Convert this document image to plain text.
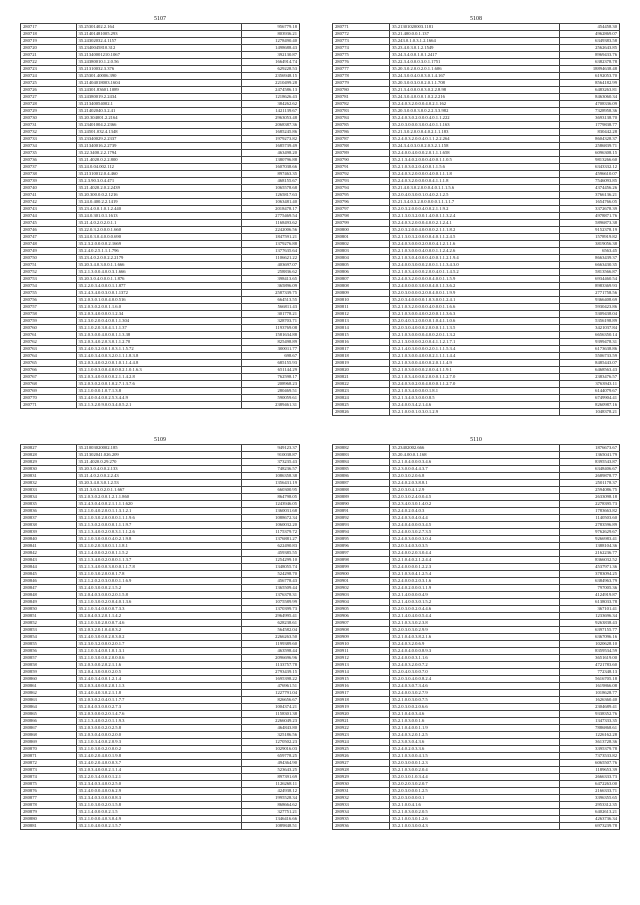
5107
280717	35.25301402.2.164	956779.18
280718	35.21401481005.293	803936.21
280719	35.24302032.4.1157	1278490.40
280720	35.2340045810.312	1498688.43
280721	35.21340001210.1067	392130.87
280722	35.24380010.1.2.0.56	1664914.74
280723	35.21310032.3.376	629228.53
280724	35.25301.40006.390	2356948.15
280725	35.21404018003.1604	2210499.28
280726	35.24301.83601.1089	2474586.13
280727	35.24380019.2.2434	1218626.43
280728	35.21340054002.1	384262.62
280729	35.21402040.3.2.41	1421139.67
280730	35.20.304001.2.2164	2963053.48
280731	35.23401004.2.2366	2068387.36
280732	35.24501.032.4.1348	1685245.86
280733	35.23340029.2.2337	1979273.82
280734	35.21340016.2.2739	1685739.49
280735	35.22.3400.2.2.1794	463498.20
280736	35.21.4020.0.2.2.800	1380796.88
280737	35.24.0.04.002.112	1607038.66
280738	35.21310012.0.4.460	897463.35
280739	35.2.3.90.3.0.4.471	468155.67
280740	35.21.4020.2.0.2.2439	1065578.68
280741	35.20.300.0.0.2.1216	1265817.63
280742	35.24.0.400.2.2.1419	1063481.40
280743	35.23.4.0.0.1.0.1.2.440	2018478.17
280744	35.24.0.301.0.1.1613	2775469.54
280745	35.21.4.0.2.0.2.0.1.1	1168493.62
280746	35.22.0.3.2.0.0.0.1.660	2242006.56
280747	35.24.0.3.0.4.0.0.0.690	1847591.21
280748	35.2.3.2.0.0.0.0.2.1669	1379276.88
280749	35.2.4.0.2.5.1.1.1.796	1377635.64
280750	35.23.4.0.2.0.0.2.2.2179	1106621.22
280751	35.20.3.4.0.3.0.0.1.1.666	403697.07
280752	35.2.1.3.0.0.4.0.0.3.1.666	258836.62
280753	35.20.3.0.4.0.0.0.1.1.876	398413.65
280754	35.2.2.0.3.4.0.0.0.1.1.877	365896.09
280755	35.2.4.3.4.0.0.3.0.0.1.1372	2587339.75
280756	35.2.0.3.0.1.0.0.4.0.0.516	664513.55
280757	35.2.0.3.0.2.0.0.1.1.6.0	566811.43
280758	35.2.0.3.4.0.0.0.0.1.2.34	301778.21
280759	35.2.3.0.2.0.0.4.0.0.1.1.304	328703.71
280760	35.2.1.0.2.0.3.0.4.1.1.1.37	1193769.08
280761	35.2.0.3.0.0.4.0.0.0.1.1.3.38	1581634.88
280762	35.2.0.3.4.0.2.0.3.0.1.1.2.70	825498.89
280763	35.2.4.0.3.2.0.0.1.0.3.1.1.5.72	300011.77
280764	35.2.4.0.3.4.0.0.3.2.0.1.1.1.8.3.8	698.67
280765	35.2.0.3.4.0.0.2.0.0.1.0.1.1.4.4.8	685155.93
280766	35.2.1.0.0.3.0.0.4.0.0.0.2.1.0.1.6.3	651144.29
280767	35.2.0.3.4.0.0.0.0.0.2.1.1.4.2.8	762598.17
280768	35.2.0.3.0.2.0.0.1.0.2.7.1.3.7.6	208968.23
280769	35.2.1.0.0.0.1.0.7.1.3.8	280469.51
280770	35.2.4.0.0.4.0.0.2.5.3.4.4.9	590059.61
280771	35.2.1.3.2.0.9.0.0.3.4.0.5.2.1	2389461.31
5108
280771	35.21301020003.1181	454458.30
280772	35.21.400.0.0.1.137	4962869.07
280773	35.243.0.1.0.3.1.2.1664	6349383.58
280774	35.23.4.0.3.0.1.2.1549	2562643.85
280775	35.24.3.4.0.0.1.0.1.2417	8969433.76
280776	35.22.3.4.0.0.0.3.0.1.1751	6382378.78
280777	35.20.3.0.2.0.0.2.0.1.1.606	18894638.48
280778	35.24.3.0.0.4.0.0.3.0.1.4.167	6192053.70
280779	35.20.3.0.0.3.0.0.2.0.1.1.708	8564182.99
280780	35.21.3.4.0.0.0.0.3.0.2.2.8.98	6483263.81
280781	35.24.3.0.4.0.0.0.1.0.2.2.216	8463060.34
280782	35.2.4.0.3.2.0.0.0.4.0.2.1.162	4708336.09
280783	35.20.3.0.0.0.3.0.0.2.2.3.3.982	7328958.36
280784	35.2.4.0.3.0.2.0.0.0.4.0.1.1.222	3693138.70
280785	35.2.0.3.0.0.0.3.0.0.4.0.1.1.163	1779838.77
280786	35.21.3.0.2.0.0.0.4.0.2.1.1.183	830442.28
280787	35.2.4.0.3.2.0.0.4.0.1.1.2.2.264	8604328.37
280788	35.24.3.4.0.3.0.0.2.0.3.2.1.158	2586839.71
280789	35.2.4.0.0.4.0.0.0.2.0.1.1.1.658	6096308.15
280790	35.2.1.3.4.0.2.0.0.0.4.0.0.1.1.0.5	9813266.60
280791	35.2.1.0.3.0.2.0.4.0.0.1.1.5.6	6343332.12
280792	35.2.4.0.3.2.0.0.0.0.4.0.0.1.1.1.8	4596610.07
280793	35.2.4.0.3.2.0.0.0.0.0.4.1.1.1.8	7546093.85
280794	35.21.4.0.3.0.2.0.0.0.4.0.1.1.1.5.6	4374456.26
280795	35.2.0.4.0.3.0.0.1.0.4.0.2.1.2.5	3766136.21
280796	35.21.3.4.0.3.2.0.0.0.0.0.1.1.1.1.7	1654766.05
280797	35.2.0.3.2.0.0.0.4.0.0.2.1.1.9.2	3372678.39
280798	35.2.1.3.0.3.2.0.0.1.4.0.0.1.1.3.2.4	4978871.76
280799	35.2.4.0.3.2.0.0.0.4.0.0.2.1.2.4.1	5896873.38
280800	35.2.0.3.2.0.0.4.0.0.0.0.2.1.1.1.8.2	9152378.19
280801	35.2.1.3.0.3.2.0.0.0.0.4.0.1.1.2.4.5	1578919.82
280802	35.2.4.0.3.0.0.0.2.0.0.0.4.1.2.1.1.6	3819056.38
280803	35.2.1.0.3.0.0.0.4.0.0.0.1.1.2.4.2.6	6563.45
280804	35.2.1.0.3.0.4.0.0.0.4.0.0.1.1.2.1.9.4	8663439.37
280805	35.2.4.0.0.3.0.0.0.2.0.0.1.1.1.3.4.3.0	6663430.35
280806	35.2.1.0.3.4.0.0.0.2.0.0.4.0.1.1.4.5.2	5813566.87
280807	35.2.4.0.3.2.0.0.0.0.0.4.0.0.1.1.5.9	6934460.54
280808	35.2.4.0.0.0.0.3.0.0.0.4.0.1.1.3.6.2	8983369.93
280809	35.2.0.3.0.0.0.0.2.0.0.4.0.0.1.1.9.9	2771758.56
280810	35.2.0.3.4.0.0.0.0.1.0.3.0.0.1.2.4.1	9366408.69
280811	35.2.1.0.3.2.0.0.0.0.4.0.0.0.1.1.6.6	5930423.86
280812	35.2.1.0.3.0.0.4.0.0.2.0.0.1.1.3.6.3	5309438.04
280813	35.2.0.4.0.3.2.0.0.0.0.1.0.4.1.1.0.6	5356198.89
280814	35.2.0.3.0.4.0.0.0.2.0.0.0.1.1.1.3.5	3421037.84
280815	35.2.1.0.3.0.0.0.0.4.0.0.2.0.1.1.3.2	6656350.14
280816	35.2.1.3.0.0.0.0.2.0.0.4.1.1.2.1.7.1	9399478.31
280817	35.2.1.4.0.3.0.0.0.0.2.0.1.1.1.5.3.4	6173638.86
280818	35.2.1.0.3.0.0.4.0.0.0.2.1.1.1.1.4.4	5506733.59
280819	35.2.1.0.3.0.0.4.0.0.0.2.0.1.1.4.9	8485443.07
280820	35.2.1.0.3.0.0.0.0.2.0.0.4.1.1.9.1	6468563.43
280821	35.2.1.0.3.4.0.0.0.2.0.0.0.1.1.2.7.0	2383476.57
280822	35.2.4.0.3.0.2.0.0.4.0.0.0.1.1.2.7.0	3763943.11
280823	35.2.1.0.3.4.0.0.0.0.1.8.1	6144079.67
280824	35.2.1.3.4.0.3.0.0.0.8.5	6749904.41
280825	35.2.4.0.0.3.4.2.1.4.6	8260987.16
280826	35.2.1.0.0.0.1.0.3.0.1.2.9	1048378.21
5109
280827	35.21003020002.185	949123.37
280828	35.21302041.026.209	910038.87
280829	35.21.4020.0.29.270	373235.43
280830	35.20.3.0.4.0.0.2.133	748236.57
280831	35.21.4.0.2.0.0.2.2.43	1086358.38
280832	35.20.3.4.0.3.0.1.2.53	1356431.19
280833	35.21.3.0.3.0.2.0.1.1.667	660300.95
280834	35.2.0.3.0.2.0.0.1.2.1.1.860	864798.05
280835	35.2.4.3.0.4.0.0.2.1.1.1.1.620	1243946.05
280836	35.2.1.0.4.0.2.0.0.1.1.3.1.2.1	1360031.68
280837	35.2.1.0.3.0.2.0.0.0.0.1.1.1.9.6	1088672.34
280838	35.2.1.3.0.2.0.0.0.0.1.1.1.9.7	1060032.20
280839	35.2.1.3.4.0.0.2.0.0.3.1.1.1.2.6	1175379.72
280840	35.2.1.0.3.0.0.0.0.4.0.2.1.9.8	1376881.27
280841	35.2.1.0.2.0.3.0.0.1.1.1.8.1	622490.83
280842	35.2.1.4.0.0.0.2.0.0.1.1.5.2	459385.55
280843	35.2.1.3.4.0.0.2.0.0.0.1.1.3.7	1254299.10
280844	35.2.1.3.4.0.0.0.3.0.0.0.1.1.7.8	1348055.74
280845	35.2.1.0.3.0.2.0.0.0.1.7.8	524298.70
280846	35.2.1.2.0.2.0.3.0.0.0.1.1.6.9	456778.43
280847	35.2.4.0.3.0.0.0.2.1.5.2	1365509.44
280848	35.2.0.4.0.3.0.0.0.2.0.1.5.8	1376378.31
280849	35.2.1.0.3.0.0.2.0.0.4.0.1.3.6	1075589.99
280850	35.2.1.0.3.4.0.0.0.0.7.3.3	1370399.73
280851	35.2.0.4.0.3.2.0.1.1.4.2	2964995.41
280852	35.2.1.0.3.0.2.0.0.0.7.4.6	628238.61
280853	35.2.0.3.2.0.1.0.4.0.3.2	564582.04
280854	35.2.4.0.3.0.0.0.2.0.3.0.2	2266263.50
280855	35.2.3.0.3.2.0.0.0.2.0.1.7	1199389.60
280856	35.2.1.0.3.4.0.0.1.0.1.3.1	463598.44
280857	35.2.1.0.3.0.0.0.2.0.0.0.6	2096696.96
280858	35.2.0.3.0.0.2.0.2.1.1.6	1133757.78
280859	35.2.0.4.3.0.0.0.0.2.0.5	2793439.15
280860	35.2.4.0.3.4.0.0.1.2.1.4	1695398.22
280861	35.2.0.3.4.0.0.0.2.0.1.1.3	476961.51
280862	35.2.4.0.4.0.3.0.2.1.1.8	1227791.04
280863	35.2.0.3.0.2.0.4.0.1.1.7.7	826656.67
280864	35.2.0.4.0.3.0.0.0.2.7.3	1004374.21
280865	35.2.0.3.0.0.0.2.0.1.4.7.6	1158301.38
280866	35.2.1.3.4.0.0.2.0.1.1.9.3	2266049.23
280867	35.2.0.3.0.0.0.2.0.2.5.8	464843.80
280868	35.2.0.3.0.4.0.0.0.2.0.0	325186.56
280869	35.2.1.0.3.4.0.0.2.0.9.3	1270502.23
280870	35.2.1.0.3.0.0.2.0.0.0.2	1029016.03
280871	35.2.4.0.2.0.4.0.0.1.9.8	659778.25
280872	35.2.4.0.2.0.4.0.0.0.3.7	494364.90
280873	35.2.0.3.4.0.0.0.2.1.1.4	523643.25
280874	35.2.2.0.3.4.0.0.0.1.2.1	897391.69
280875	35.2.3.4.0.3.4.0.0.2.5.0	1126268.11
280876	35.2.4.0.0.0.4.0.0.6.2.9	424938.12
280877	35.2.3.4.0.3.0.0.0.0.8.3	1995528.34
280878	35.2.1.0.3.0.0.2.0.1.5.8	868664.62
280879	35.2.1.4.0.0.0.0.2.1.5	327751.21
280880	35.2.1.0.0.0.4.0.3.0.4.9	1346416.66
280881	35.2.1.0.4.0.0.0.2.1.5.7	1089848.51
5110
280882	35.23402002.666	1876673.67
280883	35.20.4.00.0.1.168	1365041.79
280884	35.2.1.0.4.0.0.0.3.4.6	8395543.87
280885	35.2.3.0.0.0.4.4.3.7	6348406.67
280886	35.2.0.3.0.2.0.6.8	2689878.77
280887	35.2.4.0.2.0.3.8.8.1	2501178.37
280888	35.2.0.3.0.4.1.2.9	2594086.75
280889	35.2.0.3.0.2.4.0.0.4.5	2633098.18
280890	35.2.3.4.0.3.0.1.4.0.2	2278395.73
280891	35.2.4.0.2.0.4.0.3	1783663.82
280892	35.2.4.0.3.0.4.0.4.4	1140503.60
280893	35.2.4.0.4.0.0.0.3.4.5	2783596.89
280894	35.2.4.0.0.3.0.2.7.3.5	9762629.67
280895	35.2.4.0.3.0.0.0.3.0.4	9266983.41
280896	35.2.0.3.4.0.3.0.3.5	1388104.36
280897	35.2.4.0.0.2.0.3.0.4.4	2162236.77
280898	35.2.1.0.4.0.2.1.2.4.4	8366032.52
280899	35.2.4.0.0.0.0.1.2.2.3	4537971.36
280900	35.2.1.0.3.0.4.1.2.5.4	3783094.25
280901	35.2.4.0.0.0.2.0.3.1.6	6384963.79
280902	35.2.4.0.2.0.0.0.1.1.9	797005.36
280903	35.2.1.4.0.0.0.0.4.9	4124919.87
280904	35.2.1.4.0.0.3.0.1.5.2	6138033.78
280905	35.2.0.3.0.0.2.0.4.4.6	367101.41
280906	35.2.1.4.0.4.0.0.5.4.4	1233696.34
280907	35.2.1.0.3.3.0.2.3.8	9263838.43
280908	35.2.0.3.0.3.0.2.9.9	6397155.77
280909	35.2.1.0.4.0.3.8.2.1.6	6367096.16
280910	35.2.4.0.3.2.0.6.9	1020628.10
280911	35.2.4.0.4.0.0.0.8.9.3	8359534.59
280912	35.2.4.0.0.0.3.1.1.6	3651619.00
280913	35.2.4.0.3.2.0.0.7.2	4721783.60
280914	35.2.0.4.0.3.0.0.7.0	772348.13
280915	35.2.0.3.0.4.0.0.8.2.4	5616705.18
280916	35.2.4.0.3.0.7.3.4.6	1619866.08
280917	35.2.4.0.0.3.0.2.7.9	1018628.77
280918	35.2.1.0.0.3.0.0.7.5	1626360.40
280919	35.2.0.3.0.0.2.0.6.6	2304689.41
280920	35.2.1.0.4.0.3.4.6	9338352.76
280921	35.2.1.0.3.0.0.1.6	1347333.35
280922	35.2.1.0.4.0.0.1.1.9	7886868.61
280923	35.2.4.0.3.2.0.1.2.5	1226162.28
280924	35.2.3.0.3.0.4.3.6	3613728.36
280925	35.2.4.0.2.0.3.3.6	3395379.78
280926	35.2.1.0.3.0.0.4.1.5	7373533.82
280927	35.2.0.3.0.0.0.1.2.3	6065507.76
280928	35.2.1.0.3.0.0.2.0.4	1189653.39
280929	35.2.0.3.0.1.0.3.4.4	2666333.73
280930	35.2.0.2.0.3.0.2.0.7	6472263.00
280931	35.2.0.3.0.0.0.1.2.5	2166333.71
280932	35.2.0.3.0.0.0.0.1	3396355.65
280933	35.2.1.0.0.4.1.6	2953312.35
280934	35.2.1.0.3.0.0.2.0.5	6402613.21
280935	35.2.1.0.0.3.0.1.2.6	4263736.34
280936	35.2.1.0.0.3.0.0.4.3	6973239.78
